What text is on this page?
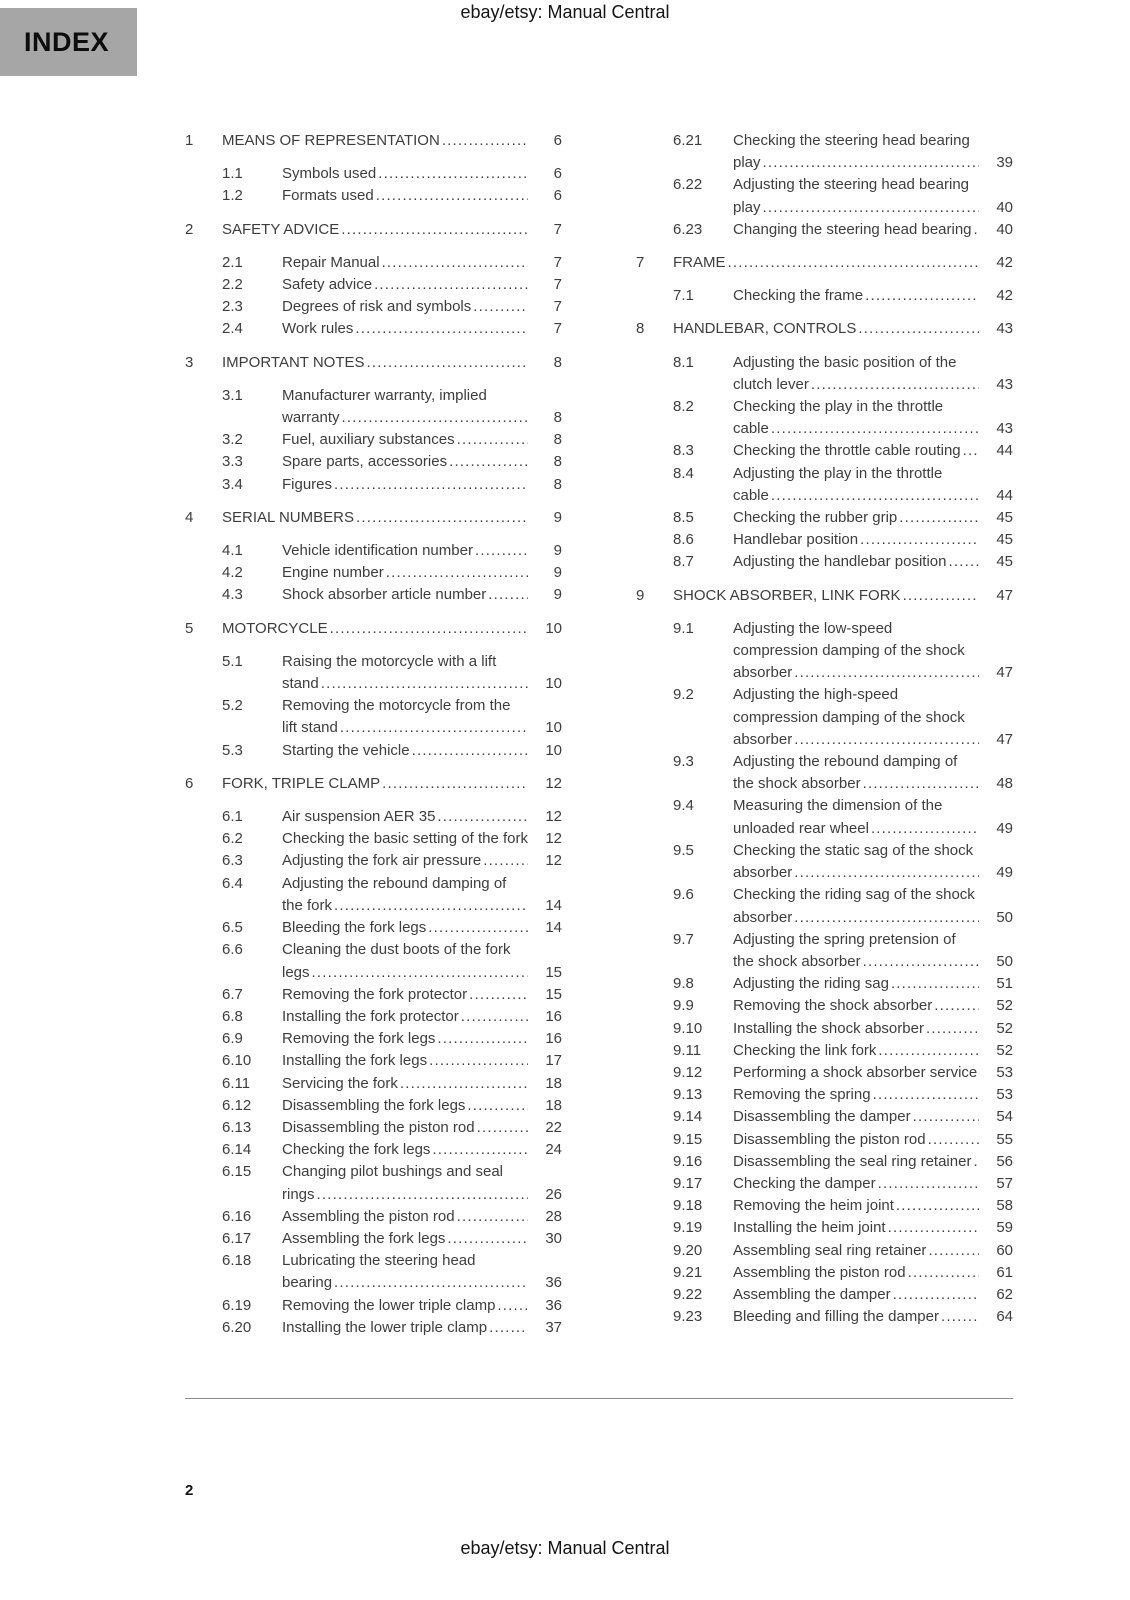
ebay/etsy: Manual Central
INDEX
1	MEANS OF REPRESENTATION .....	6
1.1	Symbols used .....	6
1.2	Formats used .....	6
2	SAFETY ADVICE .....	7
2.1	Repair Manual .....	7
2.2	Safety advice .....	7
2.3	Degrees of risk and symbols .....	7
2.4	Work rules .....	7
3	IMPORTANT NOTES .....	8
3.1	Manufacturer warranty, implied warranty .....	8
3.2	Fuel, auxiliary substances .....	8
3.3	Spare parts, accessories .....	8
3.4	Figures .....	8
4	SERIAL NUMBERS .....	9
4.1	Vehicle identification number .....	9
4.2	Engine number .....	9
4.3	Shock absorber article number .....	9
5	MOTORCYCLE .....	10
5.1	Raising the motorcycle with a lift stand .....	10
5.2	Removing the motorcycle from the lift stand .....	10
5.3	Starting the vehicle .....	10
6	FORK, TRIPLE CLAMP .....	12
6.1	Air suspension AER 35 .....	12
6.2	Checking the basic setting of the fork .....	12
6.3	Adjusting the fork air pressure .....	12
6.4	Adjusting the rebound damping of the fork .....	14
6.5	Bleeding the fork legs .....	14
6.6	Cleaning the dust boots of the fork legs .....	15
6.7	Removing the fork protector .....	15
6.8	Installing the fork protector .....	16
6.9	Removing the fork legs .....	16
6.10	Installing the fork legs .....	17
6.11	Servicing the fork .....	18
6.12	Disassembling the fork legs .....	18
6.13	Disassembling the piston rod .....	22
6.14	Checking the fork legs .....	24
6.15	Changing pilot bushings and seal rings .....	26
6.16	Assembling the piston rod .....	28
6.17	Assembling the fork legs .....	30
6.18	Lubricating the steering head bearing .....	36
6.19	Removing the lower triple clamp .....	36
6.20	Installing the lower triple clamp .....	37
6.21	Checking the steering head bearing play .....	39
6.22	Adjusting the steering head bearing play .....	40
6.23	Changing the steering head bearing .....	40
7	FRAME .....	42
7.1	Checking the frame .....	42
8	HANDLEBAR, CONTROLS .....	43
8.1	Adjusting the basic position of the clutch lever .....	43
8.2	Checking the play in the throttle cable .....	43
8.3	Checking the throttle cable routing .....	44
8.4	Adjusting the play in the throttle cable .....	44
8.5	Checking the rubber grip .....	45
8.6	Handlebar position .....	45
8.7	Adjusting the handlebar position .....	45
9	SHOCK ABSORBER, LINK FORK .....	47
9.1	Adjusting the low-speed compression damping of the shock absorber .....	47
9.2	Adjusting the high-speed compression damping of the shock absorber .....	47
9.3	Adjusting the rebound damping of the shock absorber .....	48
9.4	Measuring the dimension of the unloaded rear wheel .....	49
9.5	Checking the static sag of the shock absorber .....	49
9.6	Checking the riding sag of the shock absorber .....	50
9.7	Adjusting the spring pretension of the shock absorber .....	50
9.8	Adjusting the riding sag .....	51
9.9	Removing the shock absorber .....	52
9.10	Installing the shock absorber .....	52
9.11	Checking the link fork .....	52
9.12	Performing a shock absorber service .....	53
9.13	Removing the spring .....	53
9.14	Disassembling the damper .....	54
9.15	Disassembling the piston rod .....	55
9.16	Disassembling the seal ring retainer .....	56
9.17	Checking the damper .....	57
9.18	Removing the heim joint .....	58
9.19	Installing the heim joint .....	59
9.20	Assembling seal ring retainer .....	60
9.21	Assembling the piston rod .....	61
9.22	Assembling the damper .....	62
9.23	Bleeding and filling the damper .....	64
2
ebay/etsy: Manual Central
